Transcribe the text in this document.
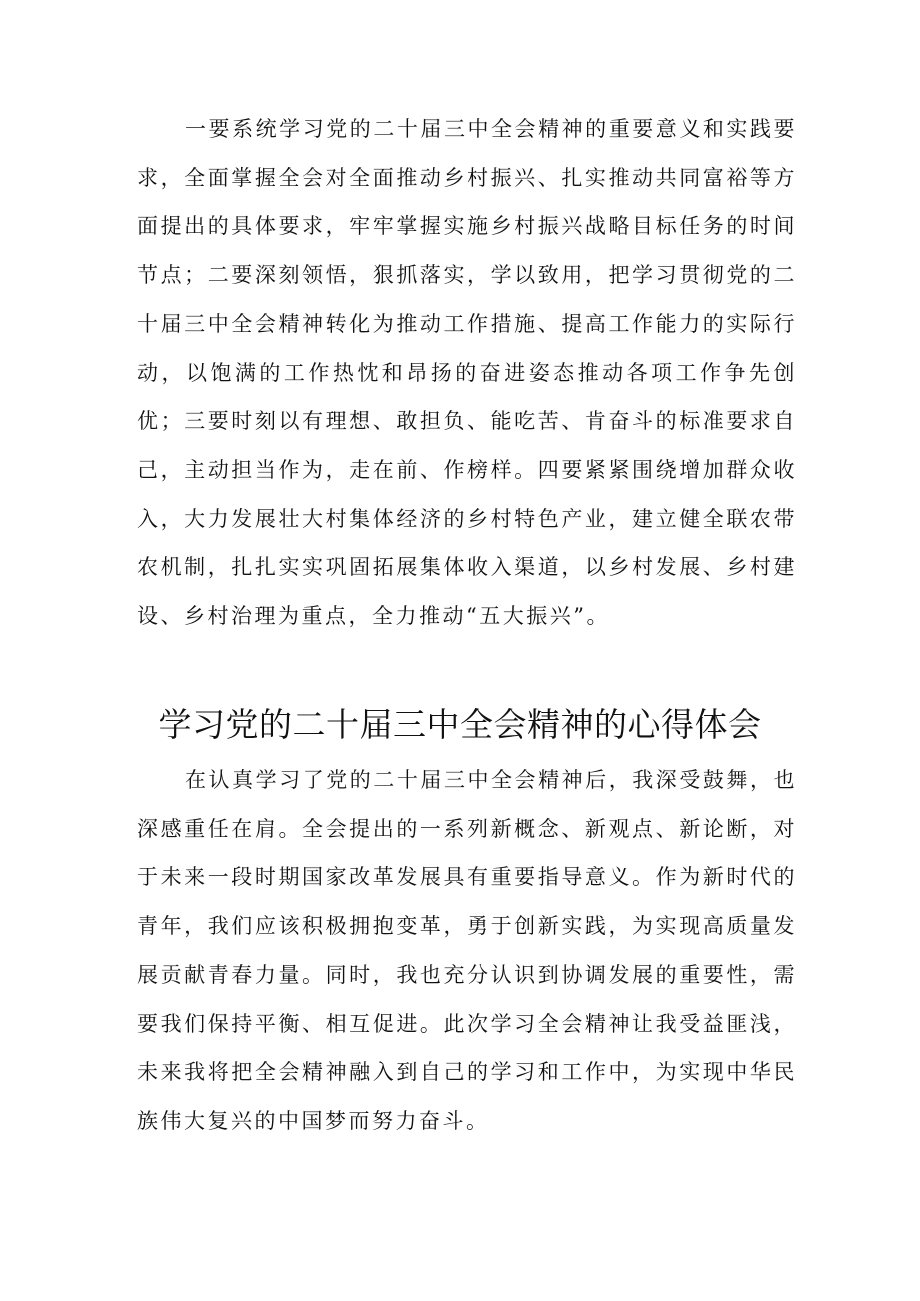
一要系统学习党的二十届三中全会精神的重要意义和实践要求，全面掌握全会对全面推动乡村振兴、扎实推动共同富裕等方面提出的具体要求，牢牢掌握实施乡村振兴战略目标任务的时间节点；二要深刻领悟，狠抓落实，学以致用，把学习贯彻党的二十届三中全会精神转化为推动工作措施、提高工作能力的实际行动，以饱满的工作热忱和昂扬的奋进姿态推动各项工作争先创优；三要时刻以有理想、敢担负、能吃苦、肯奋斗的标准要求自己，主动担当作为，走在前、作榜样。四要紧紧围绕增加群众收入，大力发展壮大村集体经济的乡村特色产业，建立健全联农带农机制，扎扎实实巩固拓展集体收入渠道，以乡村发展、乡村建设、乡村治理为重点，全力推动“五大振兴”。

学习党的二十届三中全会精神的心得体会

在认真学习了党的二十届三中全会精神后，我深受鼓舞，也深感重任在肩。全会提出的一系列新概念、新观点、新论断，对于未来一段时期国家改革发展具有重要指导意义。作为新时代的青年，我们应该积极拥抱变革，勇于创新实践，为实现高质量发展贡献青春力量。同时，我也充分认识到协调发展的重要性，需要我们保持平衡、相互促进。此次学习全会精神让我受益匪浅，未来我将把全会精神融入到自己的学习和工作中，为实现中华民族伟大复兴的中国梦而努力奋斗。
